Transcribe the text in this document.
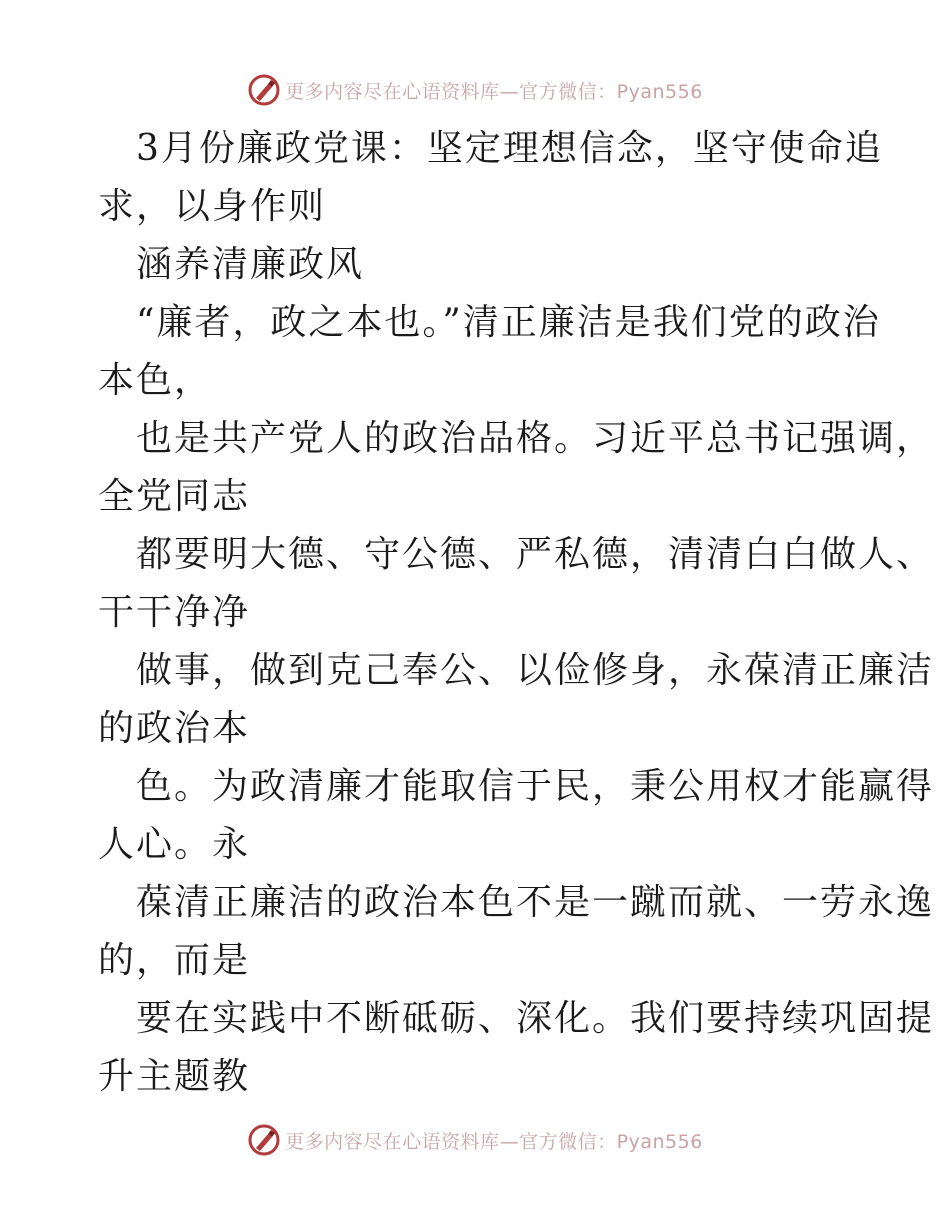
更多内容尽在心语资料库—官方微信：Pyan556
3月份廉政党课：坚定理想信念，坚守使命追
求，以身作则
涵养清廉政风
“廉者，政之本也。”清正廉洁是我们党的政治
本色，
也是共产党人的政治品格。习近平总书记强调，
全党同志
都要明大德、守公德、严私德，清清白白做人、
干干净净
做事，做到克己奉公、以俭修身，永葆清正廉洁
的政治本
色。为政清廉才能取信于民，秉公用权才能赢得
人心。永
葆清正廉洁的政治本色不是一蹴而就、一劳永逸
的，而是
要在实践中不断砥砺、深化。我们要持续巩固提
升主题教
更多内容尽在心语资料库—官方微信：Pyan556
